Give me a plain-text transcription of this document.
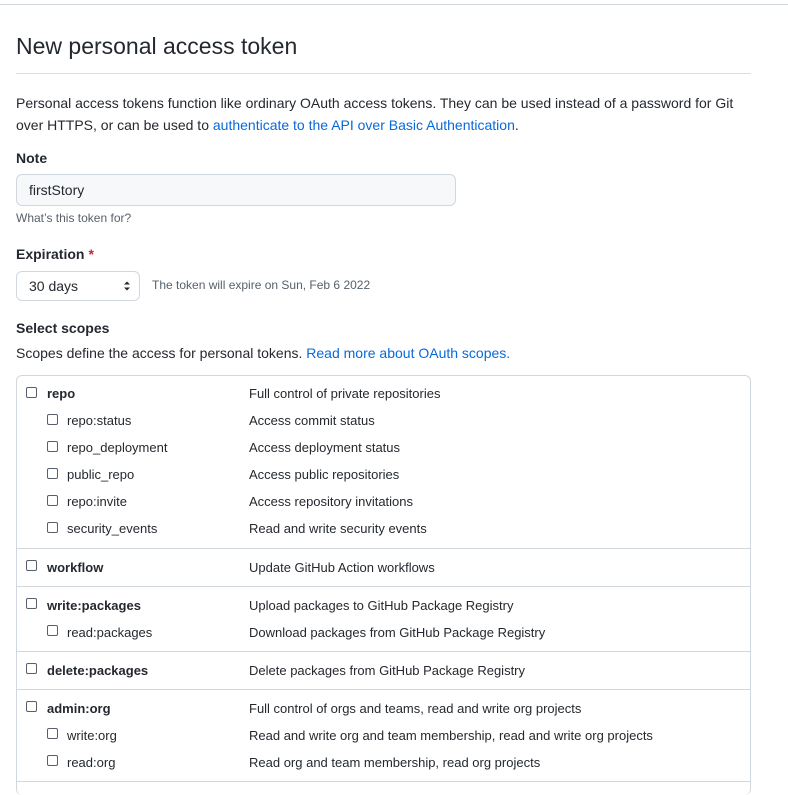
New personal access token
Personal access tokens function like ordinary OAuth access tokens. They can be used instead of a password for Git over HTTPS, or can be used to authenticate to the API over Basic Authentication.
Note
firstStory
What’s this token for?
Expiration *
30 days	The token will expire on Sun, Feb 6 2022
Select scopes
Scopes define the access for personal tokens. Read more about OAuth scopes.
repo	Full control of private repositories
repo:status	Access commit status
repo_deployment	Access deployment status
public_repo	Access public repositories
repo:invite	Access repository invitations
security_events	Read and write security events
workflow	Update GitHub Action workflows
write:packages	Upload packages to GitHub Package Registry
read:packages	Download packages from GitHub Package Registry
delete:packages	Delete packages from GitHub Package Registry
admin:org	Full control of orgs and teams, read and write org projects
write:org	Read and write org and team membership, read and write org projects
read:org	Read org and team membership, read org projects
